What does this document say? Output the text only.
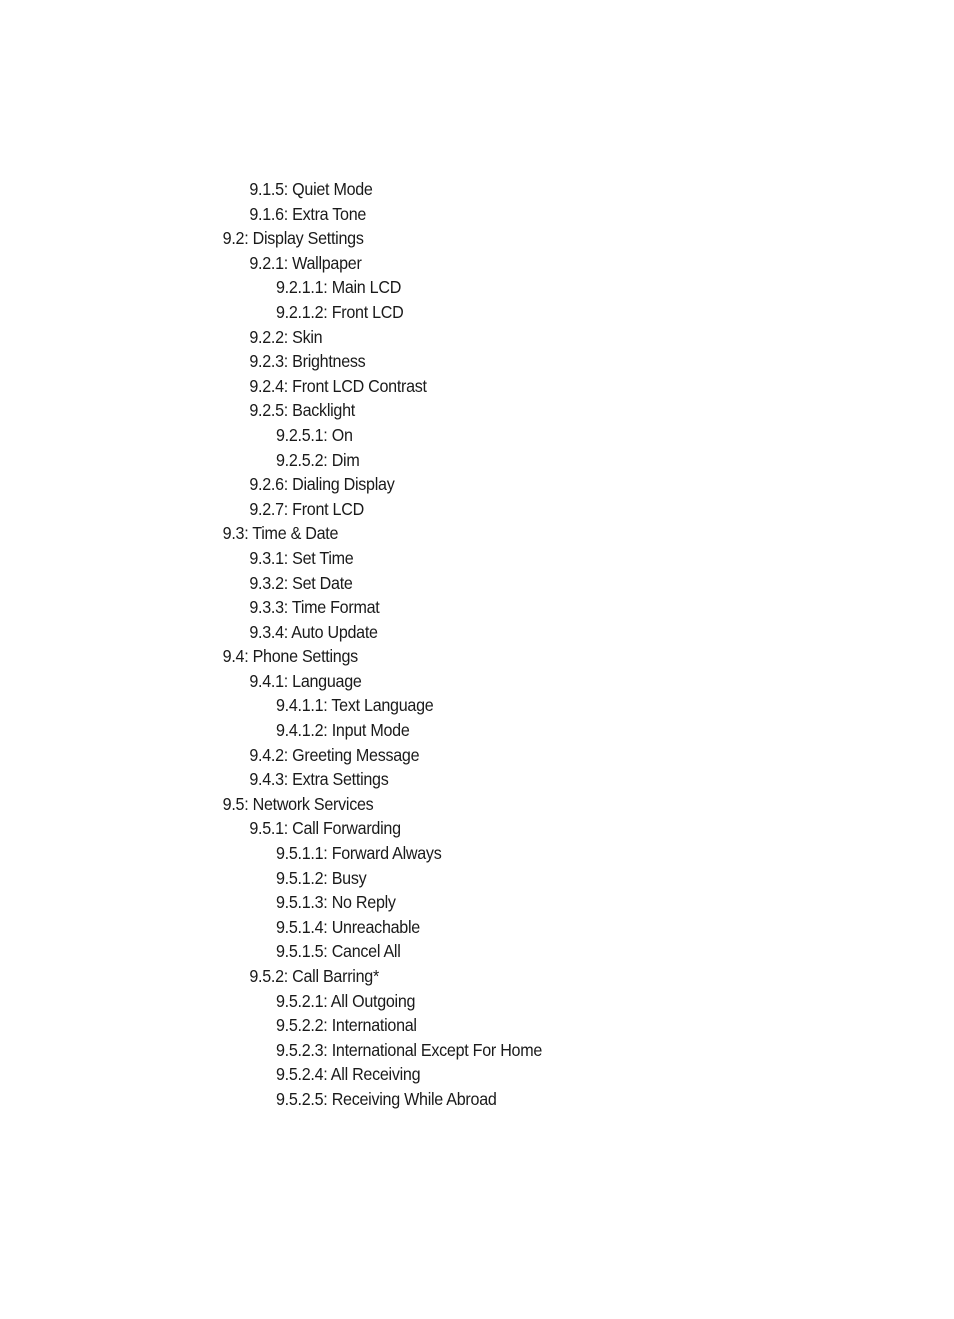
9.1.5: Quiet Mode
9.1.6: Extra Tone
9.2: Display Settings
9.2.1: Wallpaper
9.2.1.1: Main LCD
9.2.1.2: Front LCD
9.2.2: Skin
9.2.3: Brightness
9.2.4: Front LCD Contrast
9.2.5: Backlight
9.2.5.1: On
9.2.5.2: Dim
9.2.6: Dialing Display
9.2.7: Front LCD
9.3: Time & Date
9.3.1: Set Time
9.3.2: Set Date
9.3.3: Time Format
9.3.4: Auto Update
9.4: Phone Settings
9.4.1: Language
9.4.1.1: Text Language
9.4.1.2: Input Mode
9.4.2: Greeting Message
9.4.3: Extra Settings
9.5: Network Services
9.5.1: Call Forwarding
9.5.1.1: Forward Always
9.5.1.2: Busy
9.5.1.3: No Reply
9.5.1.4: Unreachable
9.5.1.5: Cancel All
9.5.2: Call Barring*
9.5.2.1: All Outgoing
9.5.2.2: International
9.5.2.3: International Except For Home
9.5.2.4: All Receiving
9.5.2.5: Receiving While Abroad
